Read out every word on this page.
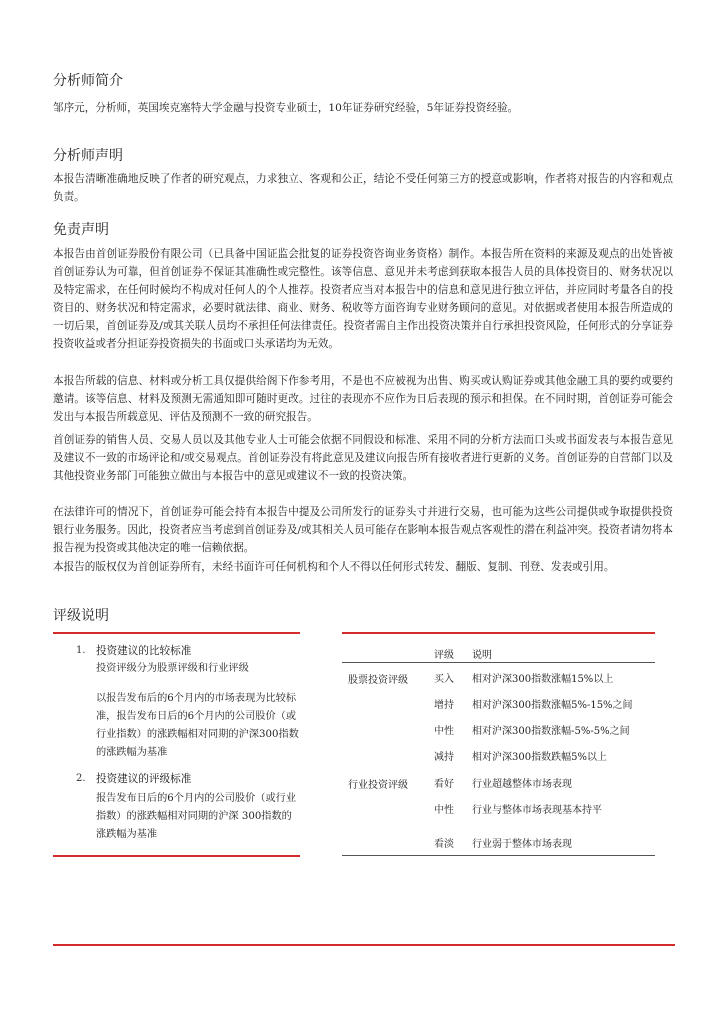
分析师简介

邹序元，分析师，英国埃克塞特大学金融与投资专业硕士，10年证券研究经验，5年证券投资经验。

分析师声明

本报告清晰准确地反映了作者的研究观点，力求独立、客观和公正，结论不受任何第三方的授意或影响，作者将对报告的内容和观点负责。

免责声明

本报告由首创证券股份有限公司（已具备中国证监会批复的证券投资咨询业务资格）制作。本报告所在资料的来源及观点的出处皆被首创证券认为可靠，但首创证券不保证其准确性或完整性。该等信息、意见并未考虑到获取本报告人员的具体投资目的、财务状况以及特定需求，在任何时候均不构成对任何人的个人推荐。投资者应当对本报告中的信息和意见进行独立评估，并应同时考量各自的投资目的、财务状况和特定需求，必要时就法律、商业、财务、税收等方面咨询专业财务顾问的意见。对依据或者使用本报告所造成的一切后果，首创证券及/或其关联人员均不承担任何法律责任。投资者需自主作出投资决策并自行承担投资风险，任何形式的分享证券投资收益或者分担证券投资损失的书面或口头承诺均为无效。

本报告所载的信息、材料或分析工具仅提供给阁下作参考用，不是也不应被视为出售、购买或认购证券或其他金融工具的要约或要约邀请。该等信息、材料及预测无需通知即可随时更改。过往的表现亦不应作为日后表现的预示和担保。在不同时期，首创证券可能会发出与本报告所载意见、评估及预测不一致的研究报告。

首创证券的销售人员、交易人员以及其他专业人士可能会依据不同假设和标准、采用不同的分析方法而口头或书面发表与本报告意见及建议不一致的市场评论和/或交易观点。首创证券没有将此意见及建议向报告所有接收者进行更新的义务。首创证券的自营部门以及其他投资业务部门可能独立做出与本报告中的意见或建议不一致的投资决策。

在法律许可的情况下，首创证券可能会持有本报告中提及公司所发行的证券头寸并进行交易，也可能为这些公司提供或争取提供投资银行业务服务。因此，投资者应当考虑到首创证券及/或其相关人员可能存在影响本报告观点客观性的潜在利益冲突。投资者请勿将本报告视为投资或其他决定的唯一信赖依据。

本报告的版权仅为首创证券所有，未经书面许可任何机构和个人不得以任何形式转发、翻版、复制、刊登、发表或引用。

评级说明
1. 投资建议的比较标准

投资评级分为股票评级和行业评级

以报告发布后的6个月内的市场表现为比较标准，报告发布日后的6个月内的公司股价（或行业指数）的涨跌幅相对同期的沪深300指数的涨跌幅为基准

2. 投资建议的评级标准

报告发布日后的6个月内的公司股价（或行业指数）的涨跌幅相对同期的沪深 300指数的涨跌幅为基准

评级 说明
股票投资评级	买入 相对沪深300指数涨幅15%以上
增持 相对沪深300指数涨幅5%-15%之间
中性 相对沪深300指数涨幅-5%-5%之间
减持 相对沪深300指数跌幅5%以上
行业投资评级	看好 行业超越整体市场表现
中性 行业与整体市场表现基本持平
看淡 行业弱于整体市场表现
